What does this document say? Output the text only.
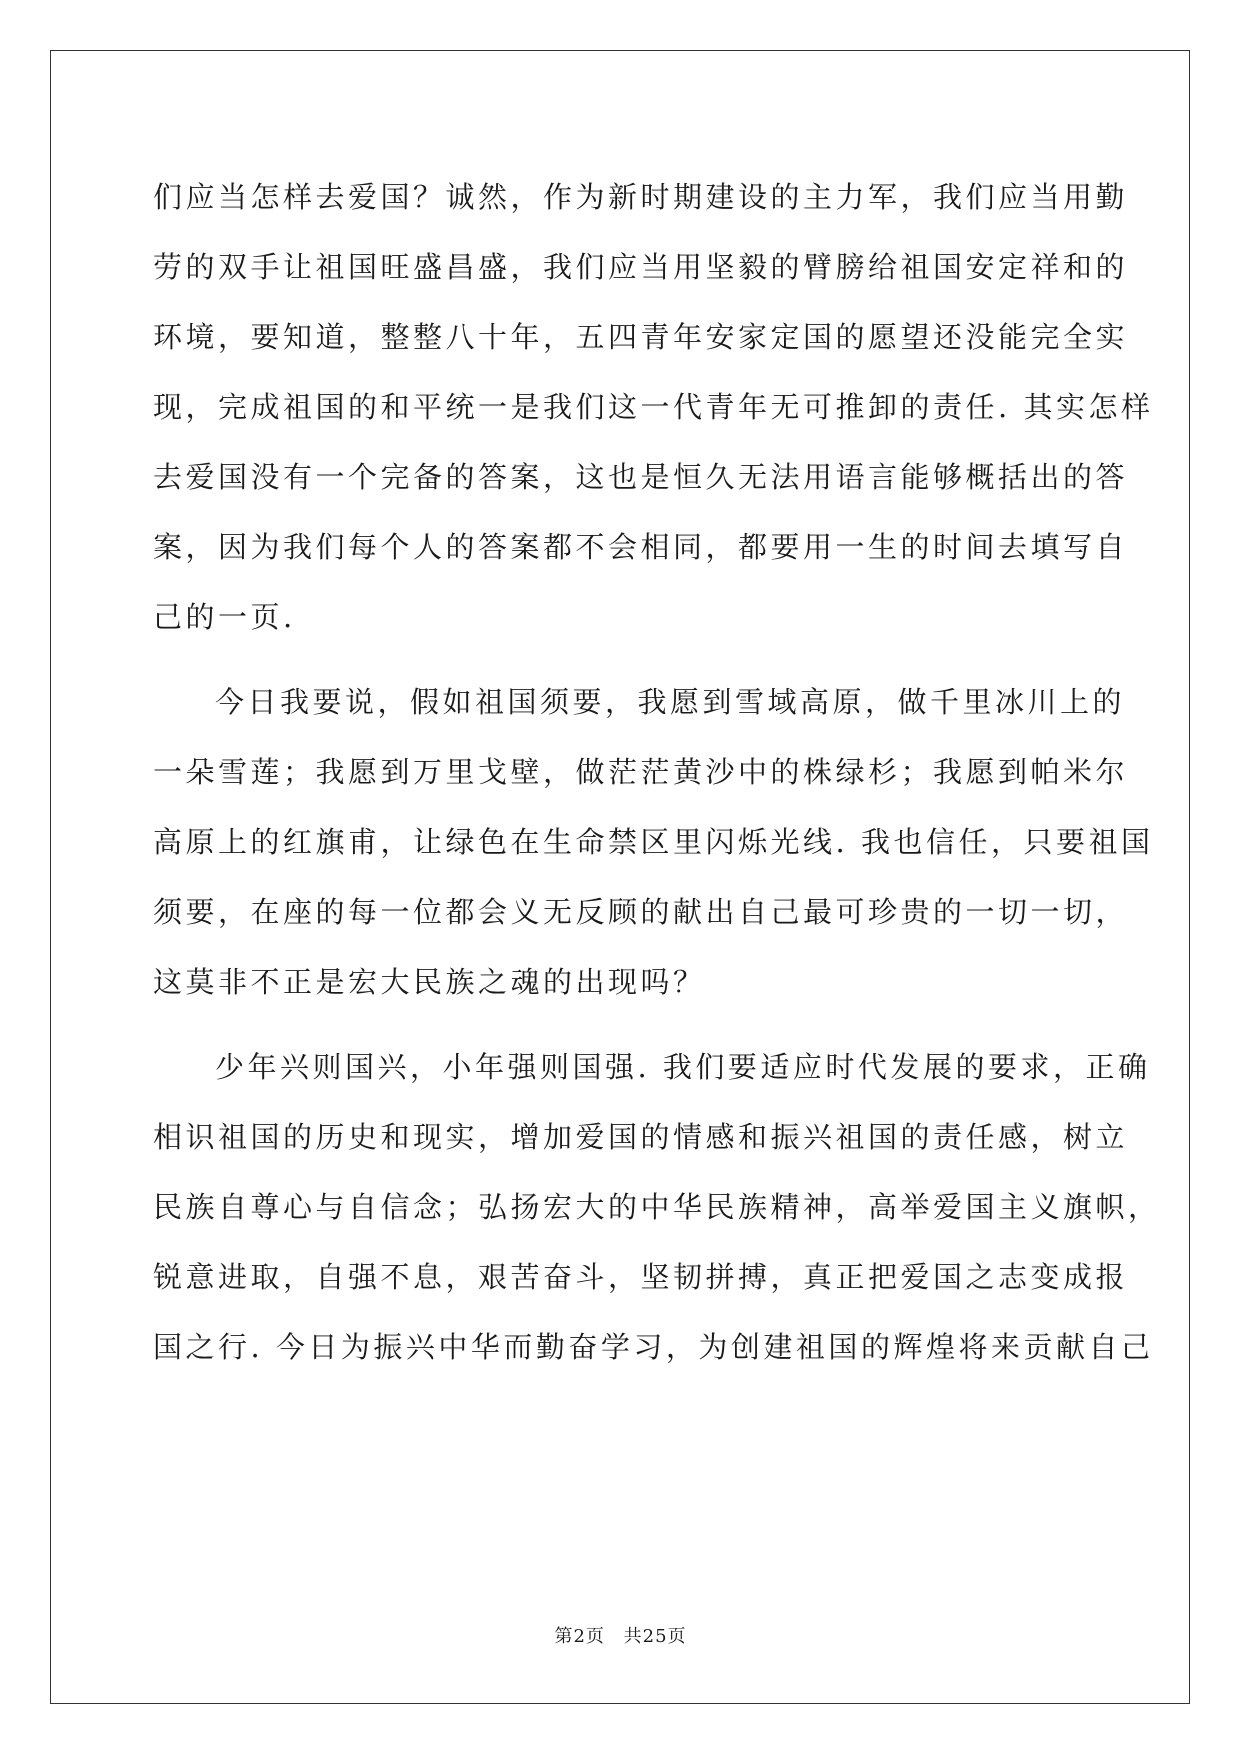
们应当怎样去爱国？诚然，作为新时期建设的主力军，我们应当用勤
劳的双手让祖国旺盛昌盛，我们应当用坚毅的臂膀给祖国安定祥和的
环境，要知道，整整八十年，五四青年安家定国的愿望还没能完全实
现，完成祖国的和平统一是我们这一代青年无可推卸的责任. 其实怎样
去爱国没有一个完备的答案，这也是恒久无法用语言能够概括出的答
案，因为我们每个人的答案都不会相同，都要用一生的时间去填写自
己的一页.
今日我要说，假如祖国须要，我愿到雪域高原，做千里冰川上的
一朵雪莲；我愿到万里戈壁，做茫茫黄沙中的株绿杉；我愿到帕米尔
高原上的红旗甫，让绿色在生命禁区里闪烁光线. 我也信任，只要祖国
须要，在座的每一位都会义无反顾的献出自己最可珍贵的一切一切，
这莫非不正是宏大民族之魂的出现吗？
少年兴则国兴，小年强则国强. 我们要适应时代发展的要求，正确
相识祖国的历史和现实，增加爱国的情感和振兴祖国的责任感，树立
民族自尊心与自信念；弘扬宏大的中华民族精神，高举爱国主义旗帜，
锐意进取，自强不息，艰苦奋斗，坚韧拼搏，真正把爱国之志变成报
国之行. 今日为振兴中华而勤奋学习，为创建祖国的辉煌将来贡献自己
第2页 共25页
